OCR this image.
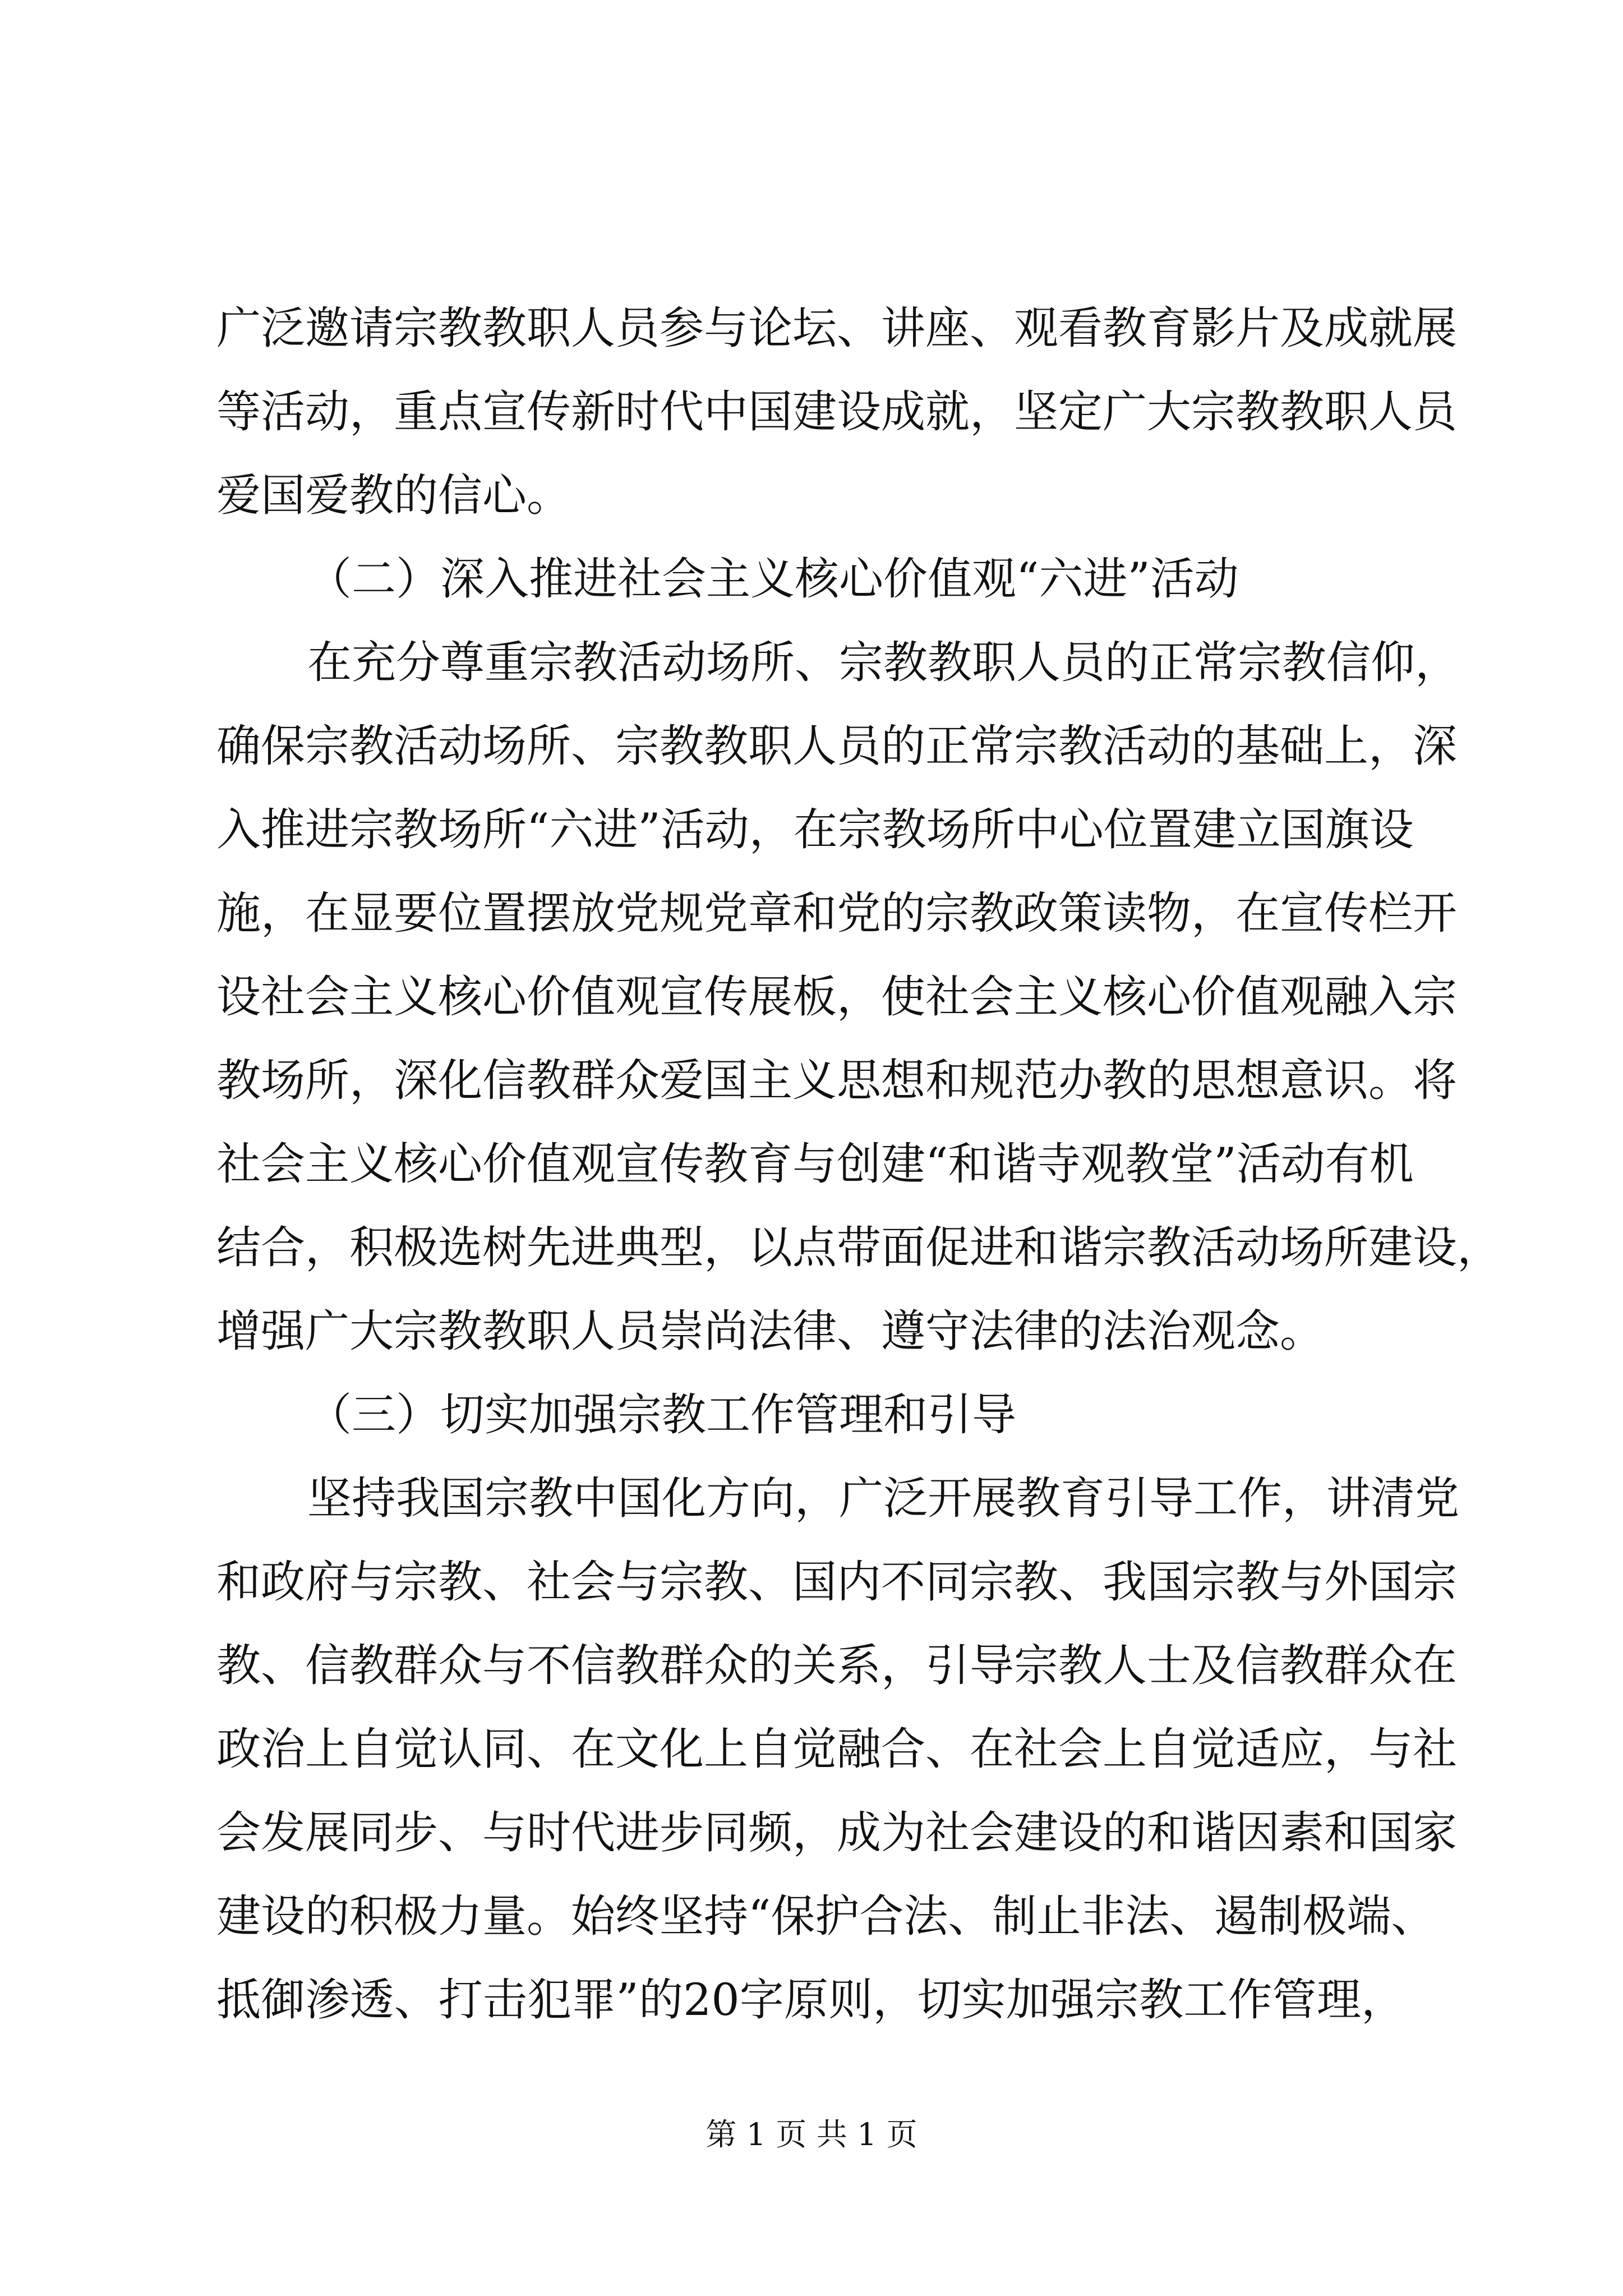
广泛邀请宗教教职人员参与论坛、讲座、观看教育影片及成就展
等活动，重点宣传新时代中国建设成就，坚定广大宗教教职人员
爱国爱教的信心。
（二）深入推进社会主义核心价值观“六进”活动
在充分尊重宗教活动场所、宗教教职人员的正常宗教信仰，
确保宗教活动场所、宗教教职人员的正常宗教活动的基础上，深
入推进宗教场所“六进”活动，在宗教场所中心位置建立国旗设
施，在显要位置摆放党规党章和党的宗教政策读物，在宣传栏开
设社会主义核心价值观宣传展板，使社会主义核心价值观融入宗
教场所，深化信教群众爱国主义思想和规范办教的思想意识。将
社会主义核心价值观宣传教育与创建“和谐寺观教堂”活动有机
结合，积极选树先进典型，以点带面促进和谐宗教活动场所建设，
增强广大宗教教职人员崇尚法律、遵守法律的法治观念。
（三）切实加强宗教工作管理和引导
坚持我国宗教中国化方向，广泛开展教育引导工作，讲清党
和政府与宗教、社会与宗教、国内不同宗教、我国宗教与外国宗
教、信教群众与不信教群众的关系，引导宗教人士及信教群众在
政治上自觉认同、在文化上自觉融合、在社会上自觉适应，与社
会发展同步、与时代进步同频，成为社会建设的和谐因素和国家
建设的积极力量。始终坚持“保护合法、制止非法、遏制极端、
抵御渗透、打击犯罪”的20字原则，切实加强宗教工作管理，
第 1 页 共 1 页
